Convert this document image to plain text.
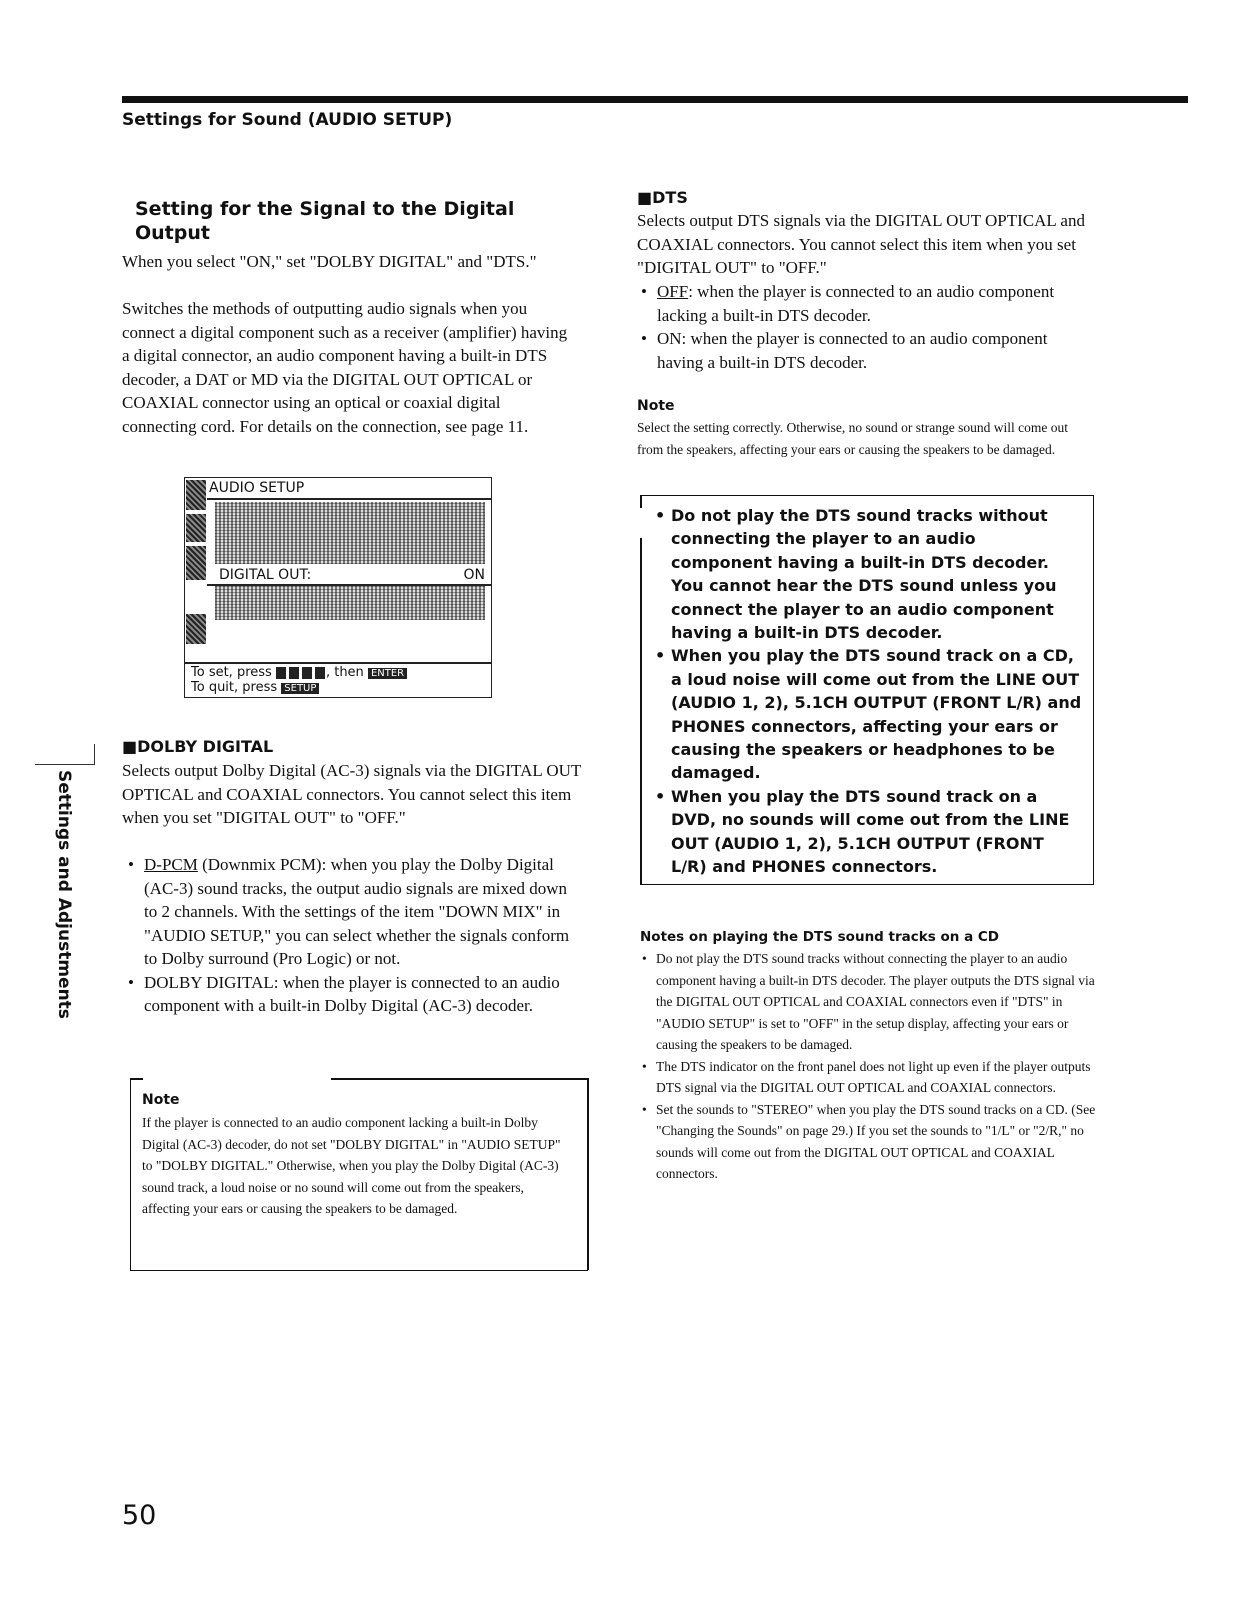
Settings for Sound (AUDIO SETUP)
Setting for the Signal to the Digital Output

When you select "ON," set "DOLBY DIGITAL" and "DTS."

Switches the methods of outputting audio signals when you connect a digital component such as a receiver (amplifier) having a digital connector, an audio component having a built-in DTS decoder, a DAT or MD via the DIGITAL OUT OPTICAL or COAXIAL connector using an optical or coaxial digital connecting cord. For details on the connection, see page 11.

AUDIO SETUP
DIGITAL OUT:	ON
To set, press	, then ENTER
To quit, press SETUP

■DOLBY DIGITAL

Selects output Dolby Digital (AC-3) signals via the DIGITAL OUT OPTICAL and COAXIAL connectors. You cannot select this item when you set "DIGITAL OUT" to "OFF."

• D-PCM (Downmix PCM): when you play the Dolby Digital (AC-3) sound tracks, the output audio signals are mixed down to 2 channels. With the settings of the item "DOWN MIX" in "AUDIO SETUP," you can select whether the signals conform to Dolby surround (Pro Logic) or not.
• DOLBY DIGITAL: when the player is connected to an audio component with a built-in Dolby Digital (AC-3) decoder.

Note

If the player is connected to an audio component lacking a built-in Dolby Digital (AC-3) decoder, do not set "DOLBY DIGITAL" in "AUDIO SETUP" to "DOLBY DIGITAL." Otherwise, when you play the Dolby Digital (AC-3) sound track, a loud noise or no sound will come out from the speakers, affecting your ears or causing the speakers to be damaged.

■DTS

Selects output DTS signals via the DIGITAL OUT OPTICAL and COAXIAL connectors. You cannot select this item when you set "DIGITAL OUT" to "OFF."

• OFF: when the player is connected to an audio component lacking a built-in DTS decoder.
• ON: when the player is connected to an audio component having a built-in DTS decoder.

Note

Select the setting correctly. Otherwise, no sound or strange sound will come out from the speakers, affecting your ears or causing the speakers to be damaged.

• Do not play the DTS sound tracks without connecting the player to an audio component having a built-in DTS decoder. You cannot hear the DTS sound unless you connect the player to an audio component having a built-in DTS decoder.
• When you play the DTS sound track on a CD, a loud noise will come out from the LINE OUT (AUDIO 1, 2), 5.1CH OUTPUT (FRONT L/R) and PHONES connectors, affecting your ears or causing the speakers or headphones to be damaged.
• When you play the DTS sound track on a DVD, no sounds will come out from the LINE OUT (AUDIO 1, 2), 5.1CH OUTPUT (FRONT L/R) and PHONES connectors.

Notes on playing the DTS sound tracks on a CD

• Do not play the DTS sound tracks without connecting the player to an audio component having a built-in DTS decoder. The player outputs the DTS signal via the DIGITAL OUT OPTICAL and COAXIAL connectors even if "DTS" in "AUDIO SETUP" is set to "OFF" in the setup display, affecting your ears or causing the speakers to be damaged.
• The DTS indicator on the front panel does not light up even if the player outputs DTS signal via the DIGITAL OUT OPTICAL and COAXIAL connectors.
• Set the sounds to "STEREO" when you play the DTS sound tracks on a CD. (See "Changing the Sounds" on page 29.) If you set the sounds to "1/L" or "2/R," no sounds will come out from the DIGITAL OUT OPTICAL and COAXIAL connectors.
Settings and Adjustments
50
